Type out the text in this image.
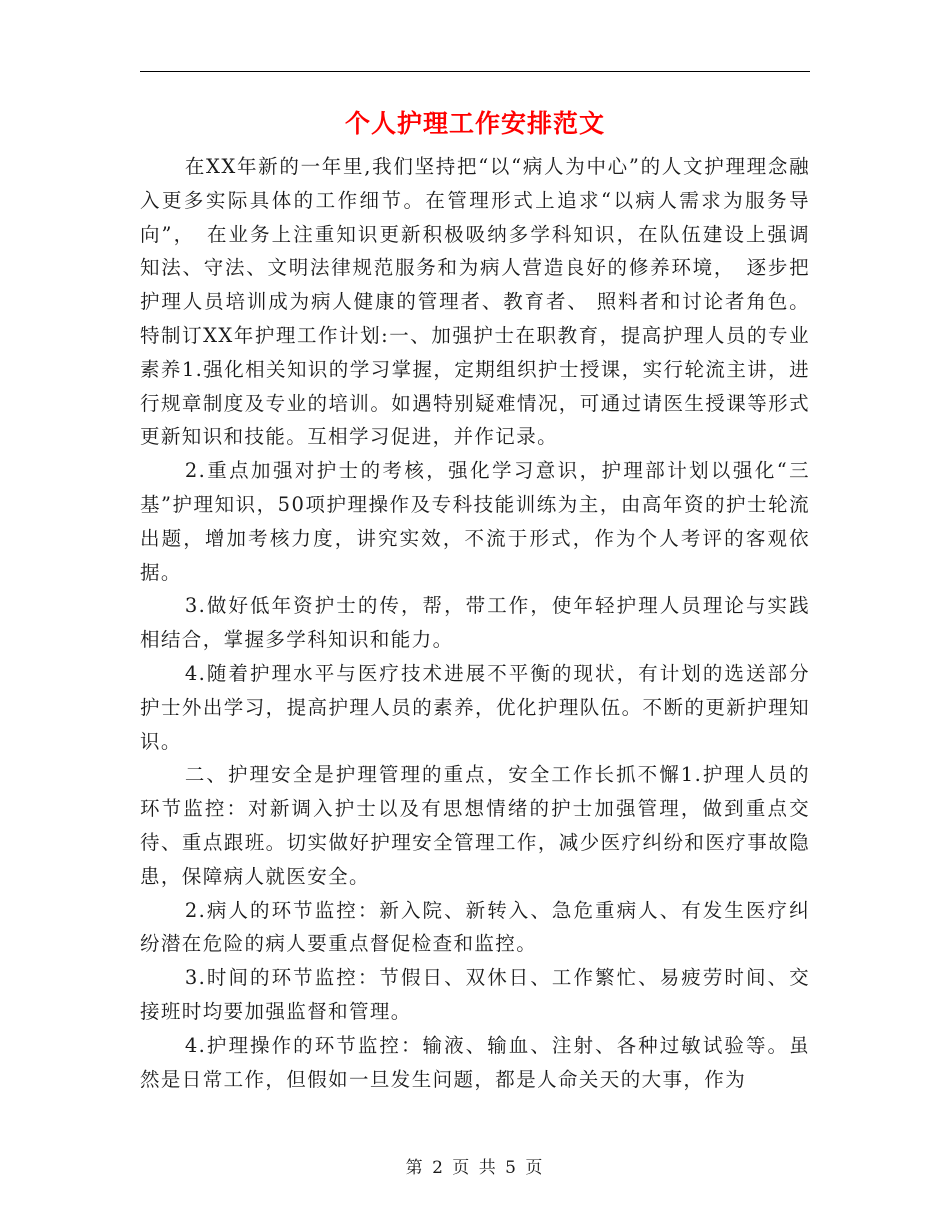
个人护理工作安排范文

在XX年新的一年里,我们坚持把“以“病人为中心”的人文护理理念融入更多实际具体的工作细节。在管理形式上追求“以病人需求为服务导向”，　在业务上注重知识更新积极吸纳多学科知识，在队伍建设上强调知法、守法、文明法律规范服务和为病人营造良好的修养环境，　逐步把护理人员培训成为病人健康的管理者、教育者、 照料者和讨论者角色。特制订XX年护理工作计划:一、加强护士在职教育，提高护理人员的专业素养1.强化相关知识的学习掌握，定期组织护士授课，实行轮流主讲，进行规章制度及专业的培训。如遇特别疑难情况，可通过请医生授课等形式更新知识和技能。互相学习促进，并作记录。

2.重点加强对护士的考核，强化学习意识，护理部计划以强化“三基”护理知识，50项护理操作及专科技能训练为主，由高年资的护士轮流出题，增加考核力度，讲究实效，不流于形式，作为个人考评的客观依据。

3.做好低年资护士的传，帮，带工作，使年轻护理人员理论与实践相结合，掌握多学科知识和能力。

4.随着护理水平与医疗技术进展不平衡的现状，有计划的选送部分护士外出学习，提高护理人员的素养，优化护理队伍。不断的更新护理知识。

二、护理安全是护理管理的重点，安全工作长抓不懈1.护理人员的环节监控：对新调入护士以及有思想情绪的护士加强管理，做到重点交待、重点跟班。切实做好护理安全管理工作，减少医疗纠纷和医疗事故隐患，保障病人就医安全。

2.病人的环节监控：新入院、新转入、急危重病人、有发生医疗纠纷潜在危险的病人要重点督促检查和监控。

3.时间的环节监控：节假日、双休日、工作繁忙、易疲劳时间、交接班时均要加强监督和管理。

4.护理操作的环节监控：输液、输血、注射、各种过敏试验等。虽然是日常工作，但假如一旦发生问题，都是人命关天的大事，作为

第 2 页 共 5 页
